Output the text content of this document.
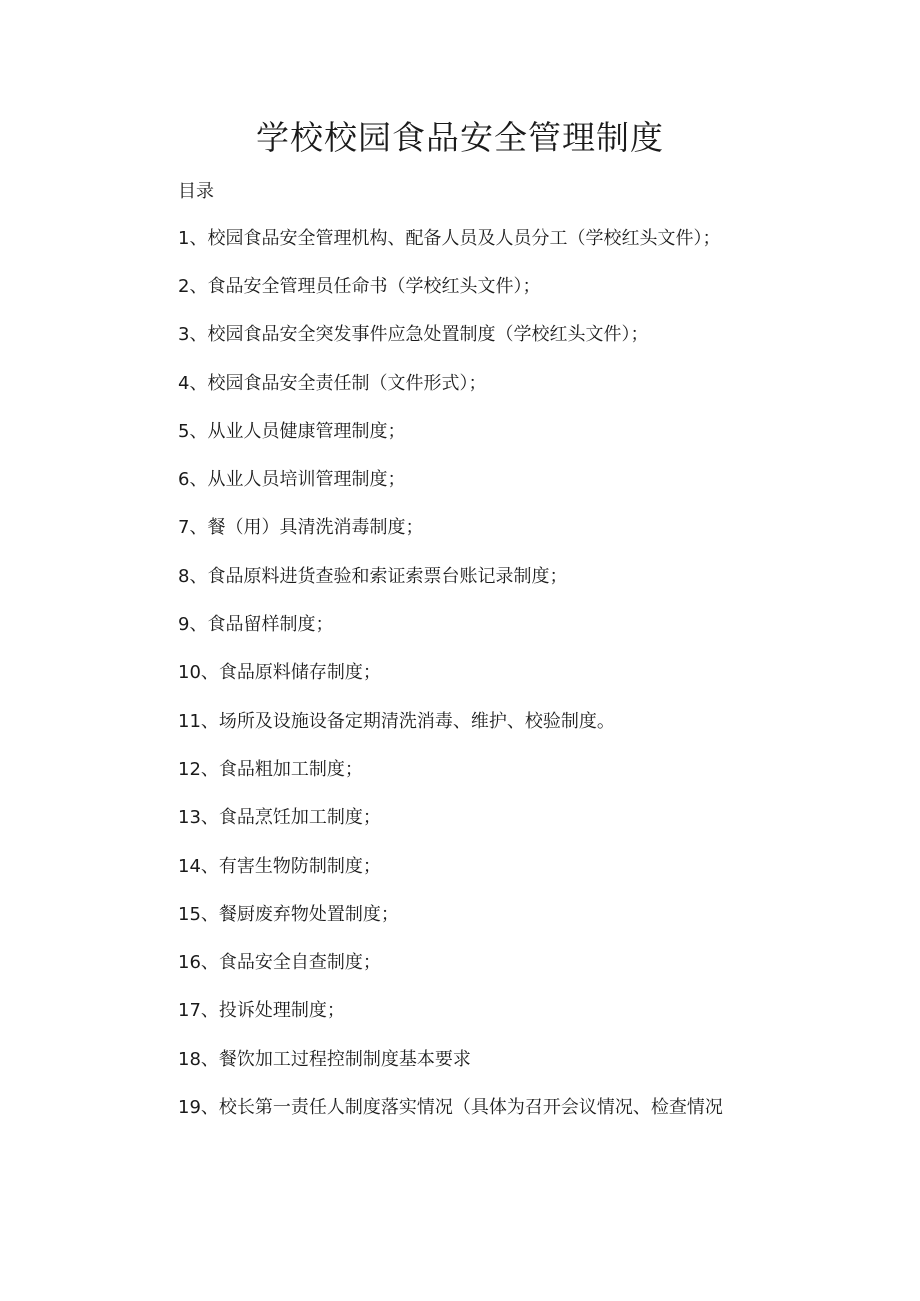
学校校园食品安全管理制度
目录
1、校园食品安全管理机构、配备人员及人员分工（学校红头文件）；
2、食品安全管理员任命书（学校红头文件）；
3、校园食品安全突发事件应急处置制度（学校红头文件）；
4、校园食品安全责任制（文件形式）；
5、从业人员健康管理制度；
6、从业人员培训管理制度；
7、餐（用）具清洗消毒制度；
8、食品原料进货查验和索证索票台账记录制度；
9、食品留样制度；
10、食品原料储存制度；
11、场所及设施设备定期清洗消毒、维护、校验制度。
12、食品粗加工制度；
13、食品烹饪加工制度；
14、有害生物防制制度；
15、餐厨废弃物处置制度；
16、食品安全自查制度；
17、投诉处理制度；
18、餐饮加工过程控制制度基本要求
19、校长第一责任人制度落实情况（具体为召开会议情况、检查情况
